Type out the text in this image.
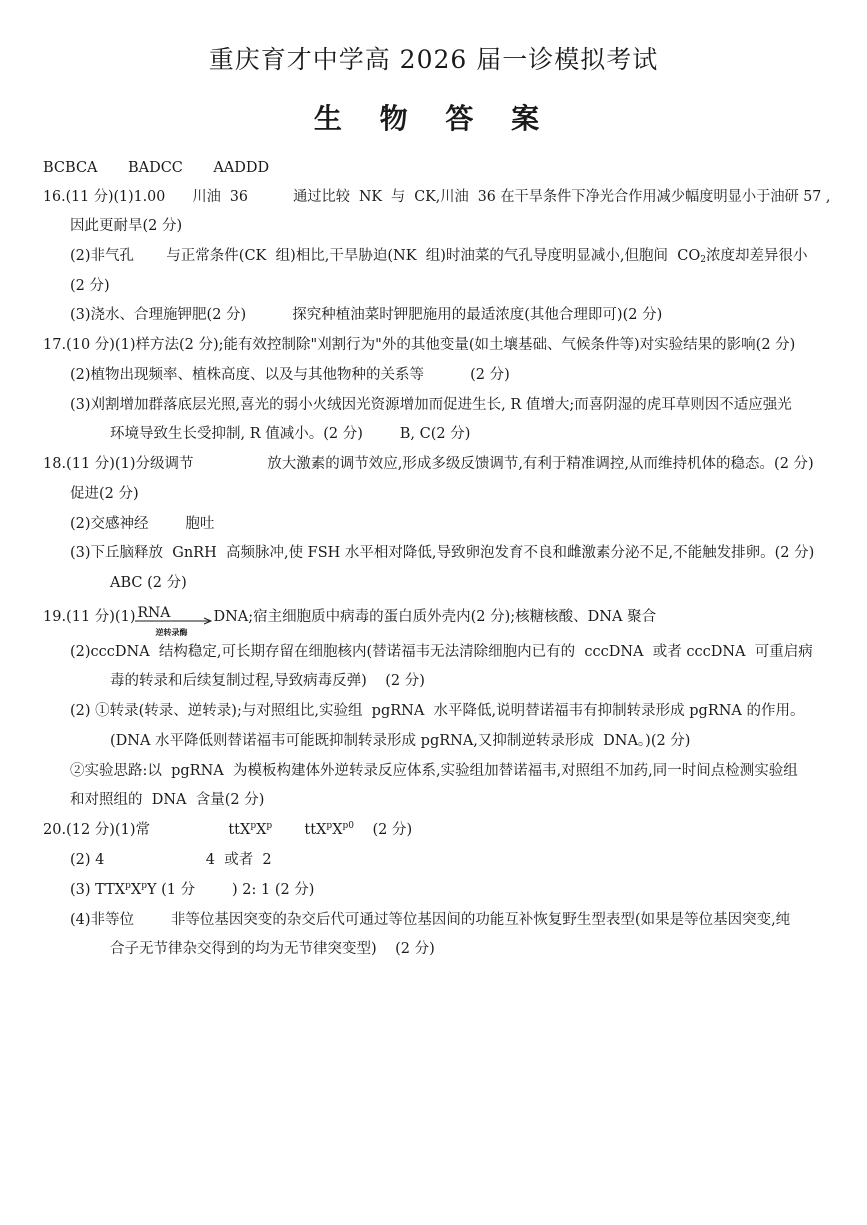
重庆育才中学高 2026 届一诊模拟考试
生 物 答 案
BCBCA    BADCC    AADDD
16.(11 分)(1)1.00      川油  36          通过比较  NK  与  CK,川油  36 在干旱条件下净光合作用减少幅度明显小于油研 57 ,
因此更耐旱(2 分)
(2)非气孔       与正常条件(CK  组)相比,干旱胁迫(NK  组)时油菜的气孔导度明显减小,但胞间  $CO_2$浓度却差异很小
(2 分)
(3)浇水、合理施钾肥(2 分)          探究种植油菜时钾肥施用的最适浓度(其他合理即可)(2 分)
17.(10 分)(1)样方法(2 分);能有效控制除"刈割行为"外的其他变量(如土壤基础、气候条件等)对实验结果的影响(2 分)
(2)植物出现频率、植株高度、以及与其他物种的关系等          (2 分)
(3)刈割增加群落底层光照,喜光的弱小火绒因光资源增加而促进生长, R 值增大;而喜阴湿的虎耳草则因不适应强光
环境导致生长受抑制, R 值减小。(2 分)        B, C(2 分)
18.(11 分)(1)分级调节                放大激素的调节效应,形成多级反馈调节,有利于精准调控,从而维持机体的稳态。(2 分)
促进(2 分)
(2)交感神经        胞吐
(3)下丘脑释放  GnRH  高频脉冲,使 FSH 水平相对降低,导致卵泡发育不良和雌激素分泌不足,不能触发排卵。(2 分)
ABC (2 分)
19.(11 分)(1) RNA
逆转录酶
DNA;宿主细胞质中病毒的蛋白质外壳内(2 分);核糖核酸、DNA 聚合
(2)cccDNA  结构稳定,可长期存留在细胞核内(替诺福韦无法清除细胞内已有的  cccDNA  或者 cccDNA  可重启病
毒的转录和后续复制过程,导致病毒反弹)    (2 分)
(2) ①转录(转录、逆转录);与对照组比,实验组  pgRNA  水平降低,说明替诺福韦有抑制转录形成 pgRNA 的作用。
(DNA 水平降低则替诺福韦可能既抑制转录形成 pgRNA,又抑制逆转录形成  DNA。)(2 分)
②实验思路:以  pgRNA  为模板构建体外逆转录反应体系,实验组加替诺福韦,对照组不加药,同一时间点检测实验组
和对照组的  DNA  含量(2 分)
20.(12 分)(1)常                 $ttX^pX^p$       $ttX^pX^{p0}$    (2 分)
(2) 4                      4  或者  2
(3) $TTX^pX^pY$ (1 分        ) 2: 1 (2 分)
(4)非等位        非等位基因突变的杂交后代可通过等位基因间的功能互补恢复野生型表型(如果是等位基因突变,纯
合子无节律杂交得到的均为无节律突变型)    (2 分)
